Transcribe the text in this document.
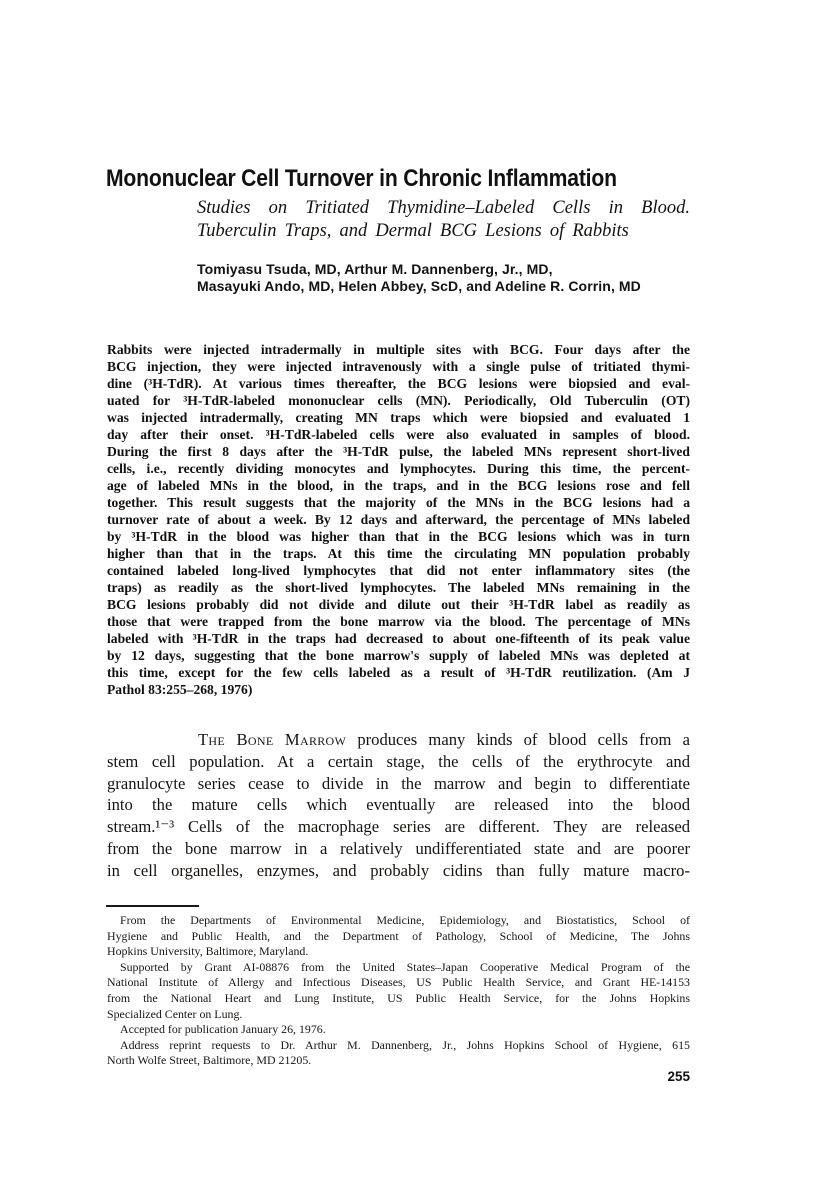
Mononuclear Cell Turnover in Chronic Inflammation
Studies on Tritiated Thymidine–Labeled Cells in Blood.
Tuberculin Traps, and Dermal BCG Lesions of Rabbits
Tomiyasu Tsuda, MD, Arthur M. Dannenberg, Jr., MD,
Masayuki Ando, MD, Helen Abbey, ScD, and Adeline R. Corrin, MD
Rabbits were injected intradermally in multiple sites with BCG. Four days after the
BCG injection, they were injected intravenously with a single pulse of tritiated thymi-
dine (³H-TdR). At various times thereafter, the BCG lesions were biopsied and eval-
uated for ³H-TdR-labeled mononuclear cells (MN). Periodically, Old Tuberculin (OT)
was injected intradermally, creating MN traps which were biopsied and evaluated 1
day after their onset. ³H-TdR-labeled cells were also evaluated in samples of blood.
During the first 8 days after the ³H-TdR pulse, the labeled MNs represent short-lived
cells, i.e., recently dividing monocytes and lymphocytes. During this time, the percent-
age of labeled MNs in the blood, in the traps, and in the BCG lesions rose and fell
together. This result suggests that the majority of the MNs in the BCG lesions had a
turnover rate of about a week. By 12 days and afterward, the percentage of MNs labeled
by ³H-TdR in the blood was higher than that in the BCG lesions which was in turn
higher than that in the traps. At this time the circulating MN population probably
contained labeled long-lived lymphocytes that did not enter inflammatory sites (the
traps) as readily as the short-lived lymphocytes. The labeled MNs remaining in the
BCG lesions probably did not divide and dilute out their ³H-TdR label as readily as
those that were trapped from the bone marrow via the blood. The percentage of MNs
labeled with ³H-TdR in the traps had decreased to about one-fifteenth of its peak value
by 12 days, suggesting that the bone marrow's supply of labeled MNs was depleted at
this time, except for the few cells labeled as a result of ³H-TdR reutilization. (Am J
Pathol 83:255–268, 1976)
The Bone Marrow produces many kinds of blood cells from a
stem cell population. At a certain stage, the cells of the erythrocyte and
granulocyte series cease to divide in the marrow and begin to differentiate
into the mature cells which eventually are released into the blood
stream.¹⁻³ Cells of the macrophage series are different. They are released
from the bone marrow in a relatively undifferentiated state and are poorer
in cell organelles, enzymes, and probably cidins than fully mature macro-
From the Departments of Environmental Medicine, Epidemiology, and Biostatistics, School of
Hygiene and Public Health, and the Department of Pathology, School of Medicine, The Johns
Hopkins University, Baltimore, Maryland.
Supported by Grant AI-08876 from the United States–Japan Cooperative Medical Program of the
National Institute of Allergy and Infectious Diseases, US Public Health Service, and Grant HE-14153
from the National Heart and Lung Institute, US Public Health Service, for the Johns Hopkins
Specialized Center on Lung.
Accepted for publication January 26, 1976.
Address reprint requests to Dr. Arthur M. Dannenberg, Jr., Johns Hopkins School of Hygiene, 615
North Wolfe Street, Baltimore, MD 21205.
255
